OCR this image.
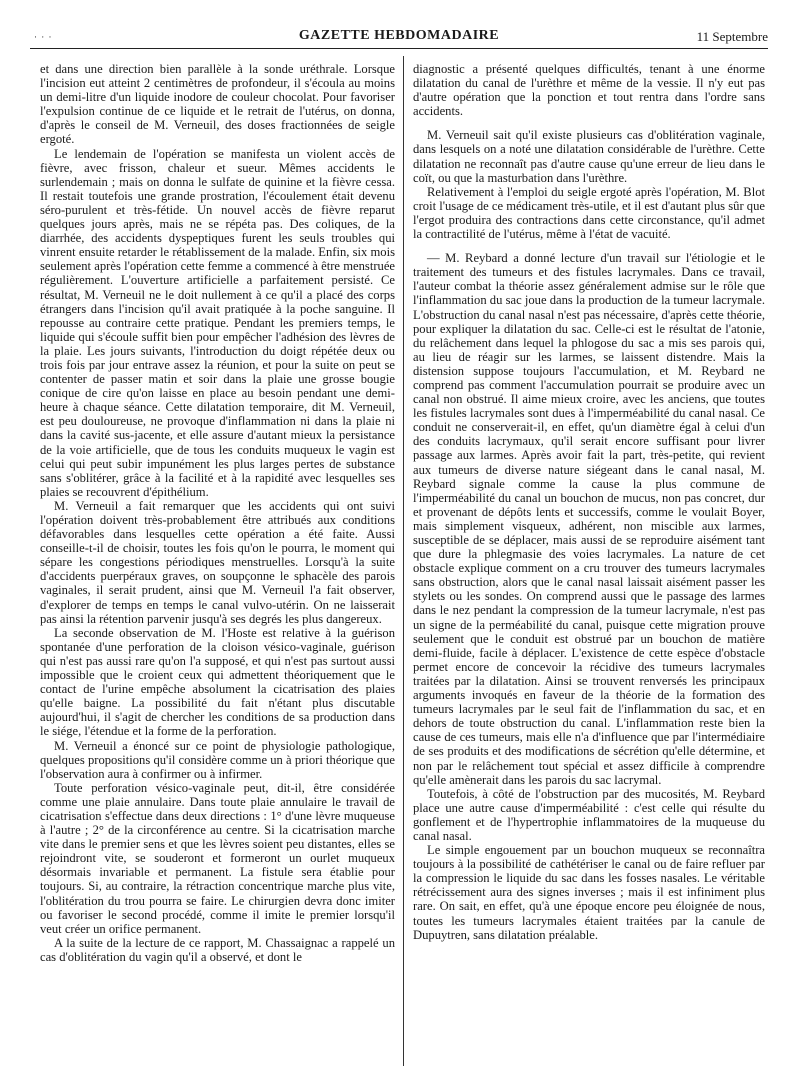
· · ·	GAZETTE HEBDOMADAIRE	11 Septembre

et dans une direction bien parallèle à la sonde uréthrale. Lorsque l'incision eut atteint 2 centimètres de profondeur, il s'écoula au moins un demi-litre d'un liquide inodore de couleur chocolat. Pour favoriser l'expulsion continue de ce liquide et le retrait de l'utérus, on donna, d'après le conseil de M. Verneuil, des doses fractionnées de seigle ergoté.

Le lendemain de l'opération se manifesta un violent accès de fièvre, avec frisson, chaleur et sueur. Mêmes accidents le surlendemain ; mais on donna le sulfate de quinine et la fièvre cessa. Il restait toutefois une grande prostration, l'écoulement était devenu séro-purulent et très-fétide. Un nouvel accès de fièvre reparut quelques jours après, mais ne se répéta pas. Des coliques, de la diarrhée, des accidents dyspeptiques furent les seuls troubles qui vinrent ensuite retarder le rétablissement de la malade. Enfin, six mois seulement après l'opération cette femme a commencé à être menstruée régulièrement. L'ouverture artificielle a parfaitement persisté. Ce résultat, M. Verneuil ne le doit nullement à ce qu'il a placé des corps étrangers dans l'incision qu'il avait pratiquée à la poche sanguine. Il repousse au contraire cette pratique. Pendant les premiers temps, le liquide qui s'écoule suffit bien pour empêcher l'adhésion des lèvres de la plaie. Les jours suivants, l'introduction du doigt répétée deux ou trois fois par jour entrave assez la réunion, et pour la suite on peut se contenter de passer matin et soir dans la plaie une grosse bougie conique de cire qu'on laisse en place au besoin pendant une demi-heure à chaque séance. Cette dilatation temporaire, dit M. Verneuil, est peu douloureuse, ne provoque d'inflammation ni dans la plaie ni dans la cavité sus-jacente, et elle assure d'autant mieux la persistance de la voie artificielle, que de tous les conduits muqueux le vagin est celui qui peut subir impunément les plus larges pertes de substance sans s'oblitérer, grâce à la facilité et à la rapidité avec lesquelles ses plaies se recouvrent d'épithélium.

M. Verneuil a fait remarquer que les accidents qui ont suivi l'opération doivent très-probablement être attribués aux conditions défavorables dans lesquelles cette opération a été faite. Aussi conseille-t-il de choisir, toutes les fois qu'on le pourra, le moment qui sépare les congestions périodiques menstruelles. Lorsqu'à la suite d'accidents puerpéraux graves, on soupçonne le sphacèle des parois vaginales, il serait prudent, ainsi que M. Verneuil l'a fait observer, d'explorer de temps en temps le canal vulvo-utérin. On ne laisserait pas ainsi la rétention parvenir jusqu'à ses degrés les plus dangereux.

La seconde observation de M. l'Hoste est relative à la guérison spontanée d'une perforation de la cloison vésico-vaginale, guérison qui n'est pas aussi rare qu'on l'a supposé, et qui n'est pas surtout aussi impossible que le croient ceux qui admettent théoriquement que le contact de l'urine empêche absolument la cicatrisation des plaies qu'elle baigne. La possibilité du fait n'étant plus discutable aujourd'hui, il s'agit de chercher les conditions de sa production dans le siége, l'étendue et la forme de la perforation.

M. Verneuil a énoncé sur ce point de physiologie pathologique, quelques propositions qu'il considère comme un à priori théorique que l'observation aura à confirmer ou à infirmer.

Toute perforation vésico-vaginale peut, dit-il, être considérée comme une plaie annulaire. Dans toute plaie annulaire le travail de cicatrisation s'effectue dans deux directions : 1° d'une lèvre muqueuse à l'autre ; 2° de la circonférence au centre. Si la cicatrisation marche vite dans le premier sens et que les lèvres soient peu distantes, elles se rejoindront vite, se souderont et formeront un ourlet muqueux désormais invariable et permanent. La fistule sera établie pour toujours. Si, au contraire, la rétraction concentrique marche plus vite, l'oblitération du trou pourra se faire. Le chirurgien devra donc imiter ou favoriser le second procédé, comme il imite le premier lorsqu'il veut créer un orifice permanent.

A la suite de la lecture de ce rapport, M. Chassaignac a rappelé un cas d'oblitération du vagin qu'il a observé, et dont le

diagnostic a présenté quelques difficultés, tenant à une énorme dilatation du canal de l'urèthre et même de la vessie. Il n'y eut pas d'autre opération que la ponction et tout rentra dans l'ordre sans accidents.

M. Verneuil sait qu'il existe plusieurs cas d'oblitération vaginale, dans lesquels on a noté une dilatation considérable de l'urèthre. Cette dilatation ne reconnaît pas d'autre cause qu'une erreur de lieu dans le coït, ou que la masturbation dans l'urèthre.

Relativement à l'emploi du seigle ergoté après l'opération, M. Blot croit l'usage de ce médicament très-utile, et il est d'autant plus sûr que l'ergot produira des contractions dans cette circonstance, qu'il admet la contractilité de l'utérus, même à l'état de vacuité.

— M. Reybard a donné lecture d'un travail sur l'étiologie et le traitement des tumeurs et des fistules lacrymales. Dans ce travail, l'auteur combat la théorie assez généralement admise sur le rôle que l'inflammation du sac joue dans la production de la tumeur lacrymale. L'obstruction du canal nasal n'est pas nécessaire, d'après cette théorie, pour expliquer la dilatation du sac. Celle-ci est le résultat de l'atonie, du relâchement dans lequel la phlogose du sac a mis ses parois qui, au lieu de réagir sur les larmes, se laissent distendre. Mais la distension suppose toujours l'accumulation, et M. Reybard ne comprend pas comment l'accumulation pourrait se produire avec un canal non obstrué. Il aime mieux croire, avec les anciens, que toutes les fistules lacrymales sont dues à l'imperméabilité du canal nasal. Ce conduit ne conserverait-il, en effet, qu'un diamètre égal à celui d'un des conduits lacrymaux, qu'il serait encore suffisant pour livrer passage aux larmes. Après avoir fait la part, très-petite, qui revient aux tumeurs de diverse nature siégeant dans le canal nasal, M. Reybard signale comme la cause la plus commune de l'imperméabilité du canal un bouchon de mucus, non pas concret, dur et provenant de dépôts lents et successifs, comme le voulait Boyer, mais simplement visqueux, adhérent, non miscible aux larmes, susceptible de se déplacer, mais aussi de se reproduire aisément tant que dure la phlegmasie des voies lacrymales. La nature de cet obstacle explique comment on a cru trouver des tumeurs lacrymales sans obstruction, alors que le canal nasal laissait aisément passer les stylets ou les sondes. On comprend aussi que le passage des larmes dans le nez pendant la compression de la tumeur lacrymale, n'est pas un signe de la perméabilité du canal, puisque cette migration prouve seulement que le conduit est obstrué par un bouchon de matière demi-fluide, facile à déplacer. L'existence de cette espèce d'obstacle permet encore de concevoir la récidive des tumeurs lacrymales traitées par la dilatation. Ainsi se trouvent renversés les principaux arguments invoqués en faveur de la théorie de la formation des tumeurs lacrymales par le seul fait de l'inflammation du sac, et en dehors de toute obstruction du canal. L'inflammation reste bien la cause de ces tumeurs, mais elle n'a d'influence que par l'intermédiaire de ses produits et des modifications de sécrétion qu'elle détermine, et non par le relâchement tout spécial et assez difficile à comprendre qu'elle amènerait dans les parois du sac lacrymal.

Toutefois, à côté de l'obstruction par des mucosités, M. Reybard place une autre cause d'imperméabilité : c'est celle qui résulte du gonflement et de l'hypertrophie inflammatoires de la muqueuse du canal nasal.

Le simple engouement par un bouchon muqueux se reconnaîtra toujours à la possibilité de cathétériser le canal ou de faire refluer par la compression le liquide du sac dans les fosses nasales. Le véritable rétrécissement aura des signes inverses ; mais il est infiniment plus rare. On sait, en effet, qu'à une époque encore peu éloignée de nous, toutes les tumeurs lacrymales étaient traitées par la canule de Dupuytren, sans dilatation préalable.
